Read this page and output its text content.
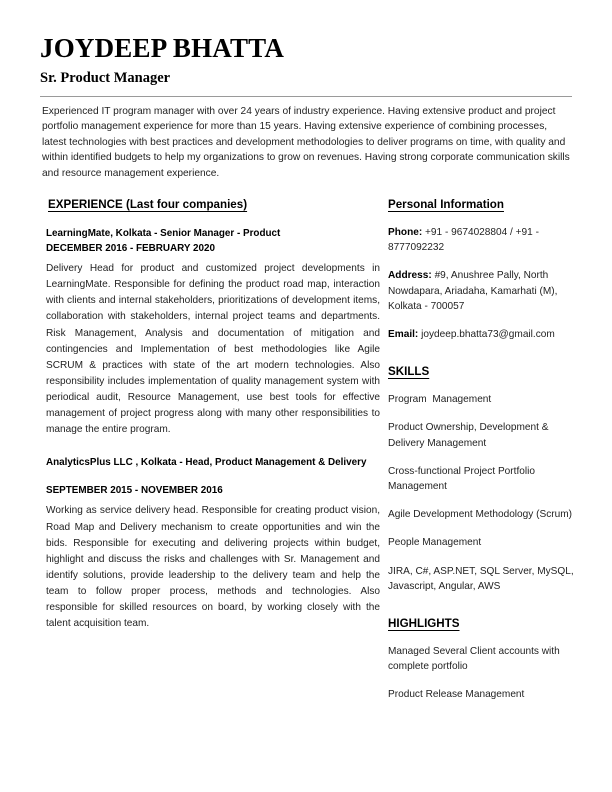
JOYDEEP BHATTA
Sr. Product Manager
Experienced IT program manager with over 24 years of industry experience. Having extensive product and project portfolio management experience for more than 15 years. Having extensive experience of combining processes, latest technologies with best practices and development methodologies to deliver programs on time, with quality and within identified budgets to help my organizations to grow on revenues. Having strong corporate communication skills and resource management experience.
EXPERIENCE (Last four companies)
LearningMate, Kolkata - Senior Manager - Product
DECEMBER 2016 - FEBRUARY 2020
Delivery Head for product and customized project developments in LearningMate. Responsible for defining the product road map, interaction with clients and internal stakeholders, prioritizations of development items, collaboration with stakeholders, internal project teams and departments. Risk Management, Analysis and documentation of mitigation and contingencies and Implementation of best methodologies like Agile SCRUM & practices with state of the art modern technologies. Also responsibility includes implementation of quality management system with periodical audit, Resource Management, use best tools for effective management of project progress along with many other responsibilities to manage the entire program.
AnalyticsPlus LLC , Kolkata - Head, Product Management & Delivery
SEPTEMBER 2015 - NOVEMBER 2016
Working as service delivery head. Responsible for creating product vision, Road Map and Delivery mechanism to create opportunities and win the bids. Responsible for executing and delivering projects within budget, highlight and discuss the risks and challenges with Sr. Management and identify solutions, provide leadership to the delivery team and help the team to follow proper process, methods and technologies. Also responsible for skilled resources on board, by working closely with the talent acquisition team.
Personal Information
Phone: +91 - 9674028804 / +91 - 8777092232
Address: #9, Anushree Pally, North Nowdapara, Ariadaha, Kamarhati (M), Kolkata - 700057
Email: joydeep.bhatta73@gmail.com
SKILLS
Program  Management
Product Ownership, Development & Delivery Management
Cross-functional Project Portfolio Management
Agile Development Methodology (Scrum)
People Management
JIRA, C#, ASP.NET, SQL Server, MySQL, Javascript, Angular, AWS
HIGHLIGHTS
Managed Several Client accounts with complete portfolio
Product Release Management
